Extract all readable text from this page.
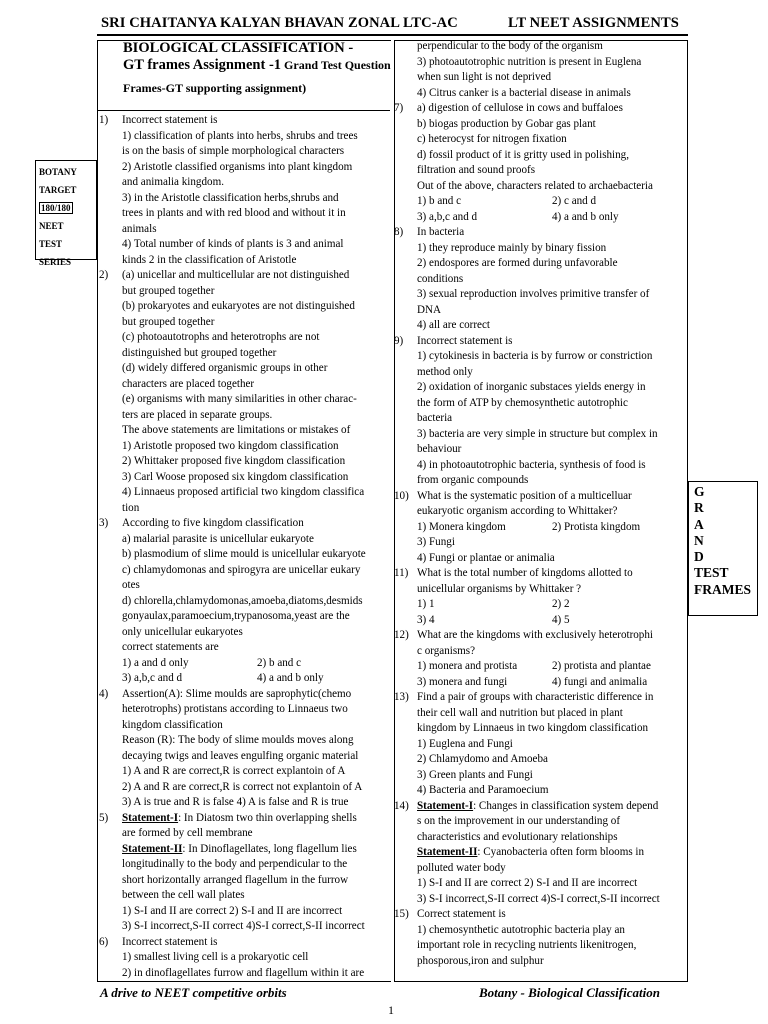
SRI CHAITANYA KALYAN BHAVAN ZONAL LTC-AC	LT NEET ASSIGNMENTS
BIOLOGICAL CLASSIFICATION -
GT frames Assignment -1 Grand Test Question
Frames-GT supporting assignment)
BOTANY
TARGET
180/180
NEET
TEST SERIES
1) Incorrect statement is
1) classification of plants into herbs, shrubs and trees
is on the basis of simple morphological characters
2) Aristotle classified organisms into plant kingdom
and animalia kingdom.
3) in the Aristotle classification herbs,shrubs and
trees in plants and with red blood and without it in
animals
4) Total number of kinds of plants is 3 and animal
kinds 2 in the classification of Aristotle
2) (a) unicellar and multicellular are not distinguished
but grouped together
(b) prokaryotes and eukaryotes are not distinguished
but grouped together
(c) photoautotrophs and heterotrophs are not
distinguished but grouped together
(d) widely differed organismic groups in other
characters are placed together
(e) organisms with many similarities in other charac-
ters are placed in separate groups.
The above statements are limitations or mistakes of
1) Aristotle proposed two kingdom classification
2) Whittaker proposed five kingdom classification
3) Carl Woose proposed six kingdom classification
4) Linnaeus proposed artificial two kingdom classifica
tion
3) According to five kingdom classification
a) malarial parasite is unicellular eukaryote
b) plasmodium of slime mould is unicellular eukaryote
c) chlamydomonas and spirogyra are unicellar eukary
otes
d) chlorella,chlamydomonas,amoeba,diatoms,desmids
gonyaulax,paramoecium,trypanosoma,yeast are the
only unicellular eukaryotes
correct statements are
1) a and d only	2) b and c
3) a,b,c and d	4) a and b only
4) Assertion(A): Slime moulds are saprophytic(chemo
heterotrophs) protistans according to Linnaeus two
kingdom classification
Reason (R): The body of slime moulds moves along
decaying twigs and leaves engulfing organic material
1) A and R are correct,R is correct explantoin of A
2) A and R are correct,R is correct not explantoin of A
3) A is true and R is false 4) A is false and R is true
5) Statement-I: In Diatosm two thin overlapping shells
are formed by cell membrane
Statement-II: In Dinoflagellates, long flagellum lies
longitudinally to the body and perpendicular to the
short horizontally arranged flagellum in the furrow
between the cell wall plates
1) S-I and II are correct 2) S-I and II are incorrect
3) S-I incorrect,S-II correct 4)S-I correct,S-II incorrect
6) Incorrect statement is
1) smallest living cell is a prokaryotic cell
2) in dinoflagellates furrow and flagellum within it are
perpendicular to the body of the organism
3) photoautotrophic nutrition is present in Euglena
when sun light is not deprived
4) Citrus canker is a bacterial disease in animals
7) a) digestion of cellulose in cows and buffaloes
b) biogas production by Gobar gas plant
c) heterocyst for nitrogen fixation
d) fossil product of it is gritty used in polishing,
filtration and sound proofs
Out of the above, characters related to archaebacteria
1) b and c	2) c and d
3) a,b,c and d	4) a and b only
8) In bacteria
1) they reproduce mainly by binary fission
2) endospores are formed during unfavorable
conditions
3) sexual reproduction involves primitive transfer of
DNA
4) all are correct
9) Incorrect statement is
1) cytokinesis in bacteria is by furrow or constriction
method only
2) oxidation of inorganic substaces yields energy in
the form of ATP by chemosynthetic autotrophic
bacteria
3) bacteria are very simple in structure but complex in
behaviour
4) in photoautotrophic bacteria, synthesis of food is
from organic compounds
10) What is the systematic position of a multicelluar
eukaryotic organism according to Whittaker?
1) Monera kingdom	2) Protista kingdom
3) Fungi
4) Fungi or plantae or animalia
11) What is the total number of kingdoms allotted to
unicellular organisms by Whittaker ?
1) 1	2) 2
3) 4	4) 5
12) What are the kingdoms with exclusively heterotrophi
c organisms?
1) monera and protista	2) protista and plantae
3) monera and fungi	4) fungi and animalia
13) Find a pair of groups with characteristic difference in
their cell wall and nutrition but placed in plant
kingdom by Linnaeus in two kingdom classification
1) Euglena and Fungi
2) Chlamydomo and Amoeba
3) Green plants and Fungi
4) Bacteria and Paramoecium
14) Statement-I: Changes in classification system depend
s on the improvement in our understanding of
characteristics and evolutionary relationships
Statement-II: Cyanobacteria often form blooms in
polluted water body
1) S-I and II are correct 2) S-I and II are incorrect
3) S-I incorrect,S-II correct 4)S-I correct,S-II incorrect
15) Correct statement is
1) chemosynthetic autotrophic bacteria play an
important role in recycling nutrients likenitrogen,
phosporous,iron and sulphur
G
R
A
N
D
TEST
FRAMES
A drive to NEET competitive orbits	Botany - Biological Classification
1
